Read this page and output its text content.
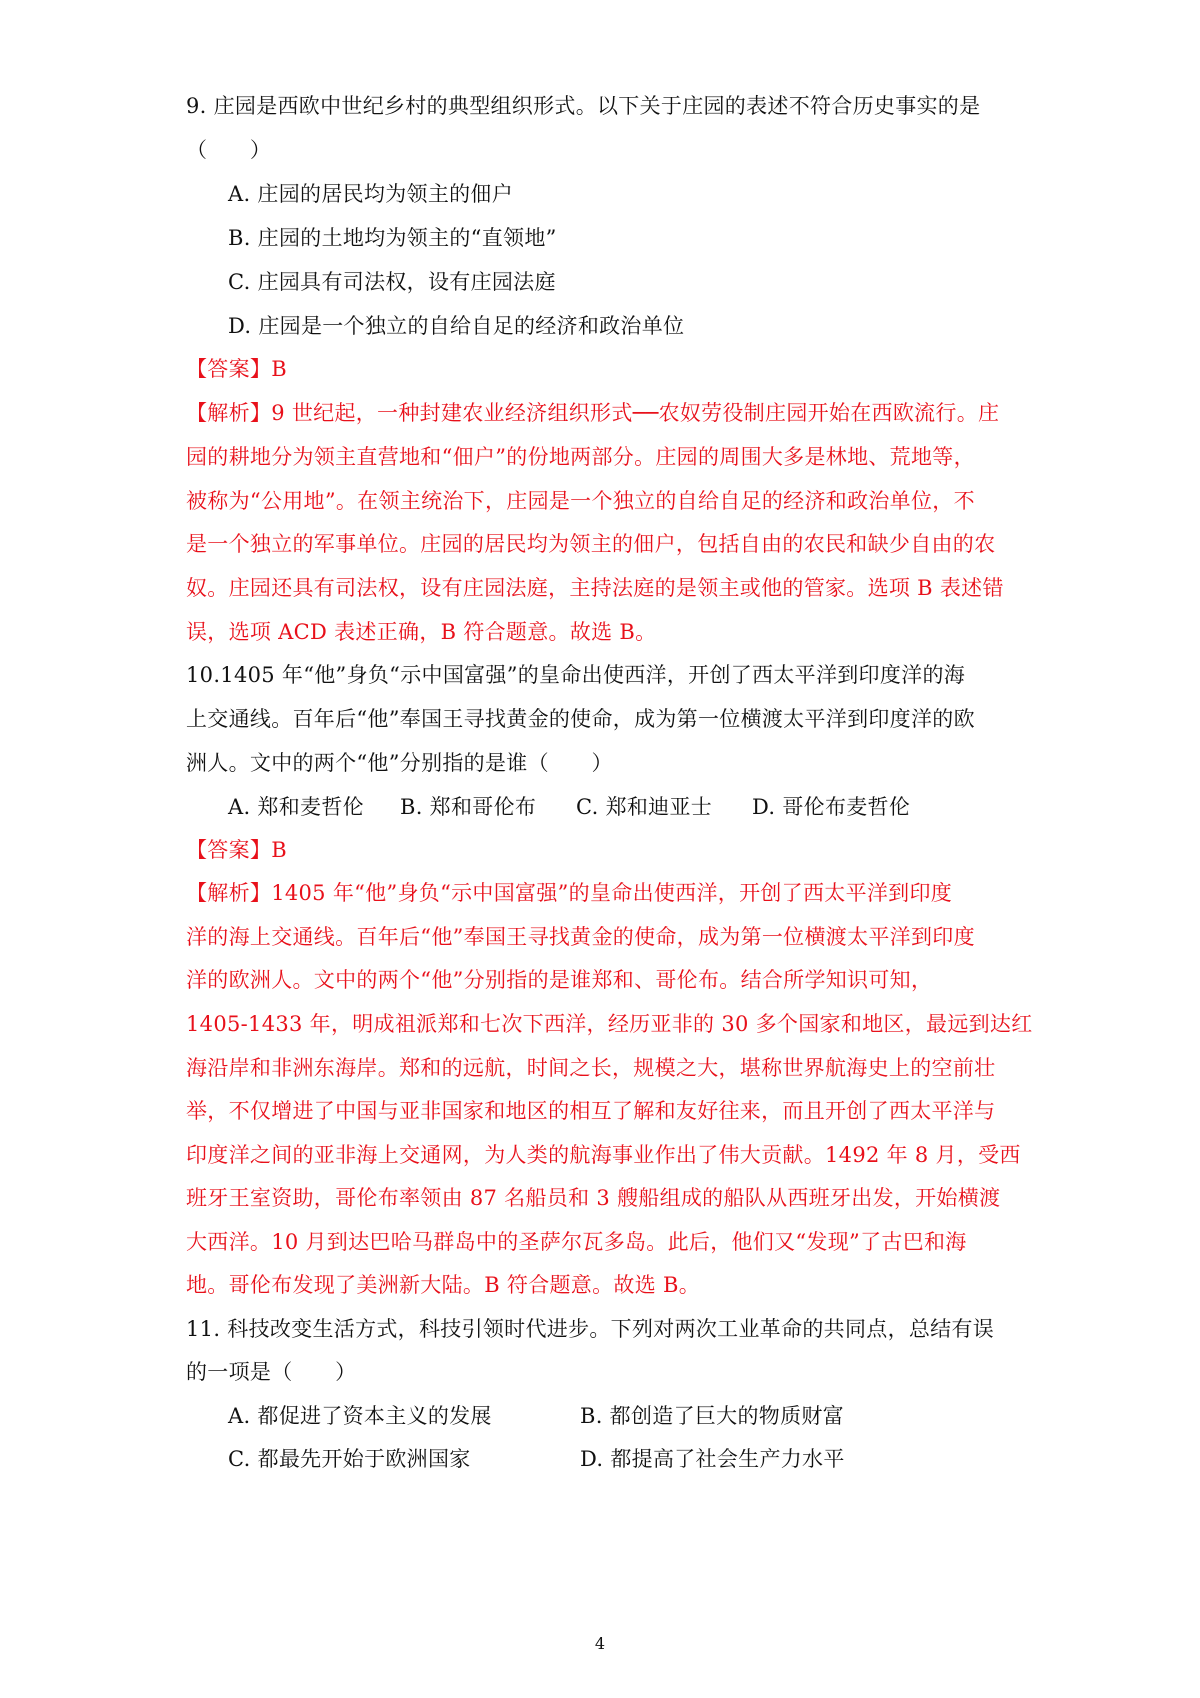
9. 庄园是西欧中世纪乡村的典型组织形式。以下关于庄园的表述不符合历史事实的是
（　　）
A. 庄园的居民均为领主的佃户
B. 庄园的土地均为领主的“直领地”
C. 庄园具有司法权，设有庄园法庭
D. 庄园是一个独立的自给自足的经济和政治单位
【答案】B
【解析】9 世纪起，一种封建农业经济组织形式──农奴劳役制庄园开始在西欧流行。庄
园的耕地分为领主直营地和“佃户”的份地两部分。庄园的周围大多是林地、荒地等，
被称为“公用地”。在领主统治下，庄园是一个独立的自给自足的经济和政治单位，不
是一个独立的军事单位。庄园的居民均为领主的佃户，包括自由的农民和缺少自由的农
奴。庄园还具有司法权，设有庄园法庭，主持法庭的是领主或他的管家。选项 B 表述错
误，选项 ACD 表述正确，B 符合题意。故选 B。
10.1405 年“他”身负“示中国富强”的皇命出使西洋，开创了西太平洋到印度洋的海
上交通线。百年后“他”奉国王寻找黄金的使命，成为第一位横渡太平洋到印度洋的欧
洲人。文中的两个“他”分别指的是谁（　　）
A. 郑和麦哲伦 B. 郑和哥伦布 C. 郑和迪亚士 D. 哥伦布麦哲伦
【答案】B
【解析】1405 年“他”身负“示中国富强”的皇命出使西洋，开创了西太平洋到印度
洋的海上交通线。百年后“他”奉国王寻找黄金的使命，成为第一位横渡太平洋到印度
洋的欧洲人。文中的两个“他”分别指的是谁郑和、哥伦布。结合所学知识可知，
1405-1433 年，明成祖派郑和七次下西洋，经历亚非的 30 多个国家和地区，最远到达红
海沿岸和非洲东海岸。郑和的远航，时间之长，规模之大，堪称世界航海史上的空前壮
举，不仅增进了中国与亚非国家和地区的相互了解和友好往来，而且开创了西太平洋与
印度洋之间的亚非海上交通网，为人类的航海事业作出了伟大贡献。1492 年 8 月，受西
班牙王室资助，哥伦布率领由 87 名船员和 3 艘船组成的船队从西班牙出发，开始横渡
大西洋。10 月到达巴哈马群岛中的圣萨尔瓦多岛。此后，他们又“发现”了古巴和海
地。哥伦布发现了美洲新大陆。B 符合题意。故选 B。
11. 科技改变生活方式，科技引领时代进步。下列对两次工业革命的共同点，总结有误
的一项是（　　）
A. 都促进了资本主义的发展	B. 都创造了巨大的物质财富
C. 都最先开始于欧洲国家	D. 都提高了社会生产力水平
4
